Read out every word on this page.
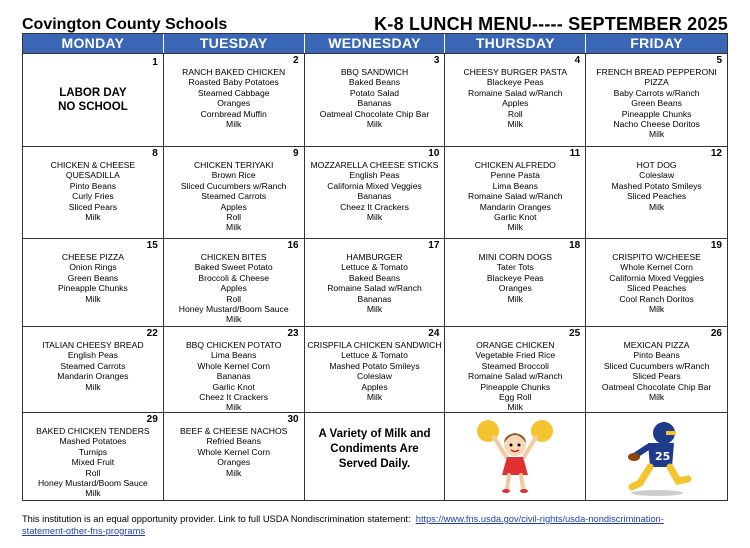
Covington County Schools	K-8 LUNCH MENU----- SEPTEMBER 2025
MONDAY	TUESDAY	WEDNESDAY	THURSDAY	FRIDAY
1
LABOR DAY
NO SCHOOL
2
RANCH BAKED CHICKEN
Roasted Baby Potatoes
Steamed Cabbage
Oranges
Cornbread Muffin
Milk
3
BBQ SANDWICH
Baked Beans
Potato Salad
Bananas
Oatmeal Chocolate Chip Bar
Milk
4
CHEESY BURGER PASTA
Blackeye Peas
Romaine Salad w/Ranch
Apples
Roll
Milk
5
FRENCH BREAD PEPPERONI
PIZZA
Baby Carrots w/Ranch
Green Beans
Pineapple Chunks
Nacho Cheese Doritos
Milk
8
CHICKEN & CHEESE
QUESADILLA
Pinto Beans
Curly Fries
Sliced Pears
Milk
9
CHICKEN TERIYAKI
Brown Rice
Sliced Cucumbers w/Ranch
Steamed Carrots
Apples
Roll
Milk
10
MOZZARELLA CHEESE STICKS
English Peas
California Mixed Veggies
Bananas
Cheez It Crackers
Milk
11
CHICKEN ALFREDO
Penne Pasta
Lima Beans
Romaine Salad w/Ranch
Mandarin Oranges
Garlic Knot
Milk
12
HOT DOG
Coleslaw
Mashed Potato Smileys
Sliced Peaches
Milk
15
CHEESE PIZZA
Onion Rings
Green Beans
Pineapple Chunks
Milk
16
CHICKEN BITES
Baked Sweet Potato
Broccoli & Cheese
Apples
Roll
Honey Mustard/Boom Sauce
Milk
17
HAMBURGER
Lettuce & Tomato
Baked Beans
Romaine Salad w/Ranch
Bananas
Milk
18
MINI CORN DOGS
Tater Tots
Blackeye Peas
Oranges
Milk
19
CRISPITO W/CHEESE
Whole Kernel Corn
California Mixed Veggies
Sliced Peaches
Cool Ranch Doritos
Milk
22
ITALIAN CHEESY BREAD
English Peas
Steamed Carrots
Mandarin Oranges
Milk
23
BBQ CHICKEN POTATO
Lima Beans
Whole Kernel Corn
Bananas
Garlic Knot
Cheez It Crackers
Milk
24
CRISPFILA CHICKEN SANDWICH
Lettuce & Tomato
Mashed Potato Smileys
Coleslaw
Apples
Milk
25
ORANGE CHICKEN
Vegetable Fried Rice
Steamed Broccoli
Romaine Salad w/Ranch
Pineapple Chunks
Egg Roll
Milk
26
MEXICAN PIZZA
Pinto Beans
Sliced Cucumbers w/Ranch
Sliced Pears
Oatmeal Chocolate Chip Bar
Milk
29
BAKED CHICKEN TENDERS
Mashed Potatoes
Turnips
Mixed Fruit
Roll
Honey Mustard/Boom Sauce
Milk
30
BEEF & CHEESE NACHOS
Refried Beans
Whole Kernel Corn
Oranges
Milk
A Variety of Milk and
Condiments Are
Served Daily.
25
This institution is an equal opportunity provider. Link to full USDA Nondiscrimination statement: https://www.fns.usda.gov/civil-rights/usda-nondiscrimination-
statement-other-fns-programs
